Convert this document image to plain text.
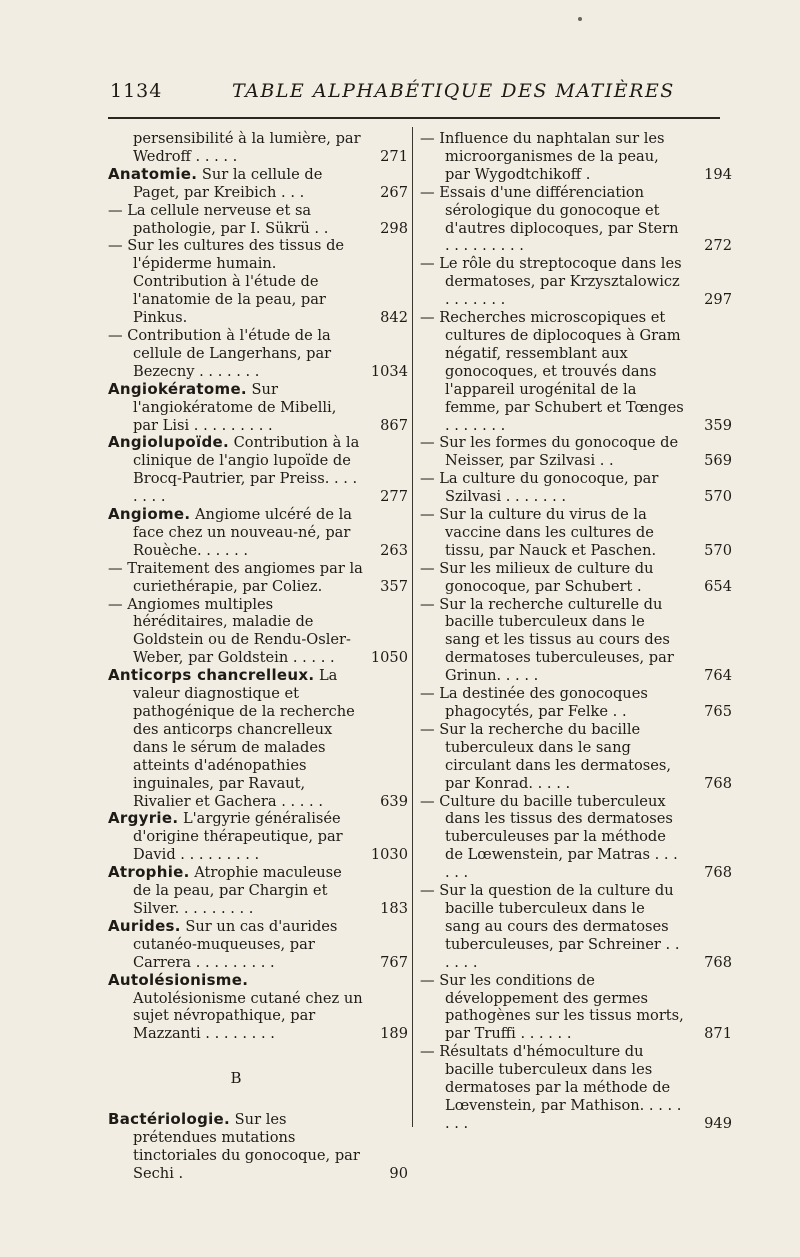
1134	TABLE ALPHABÉTIQUE DES MATIÈRES
persensibilité à la lumière, par Wedroff . . . . .	271
Anatomie. Sur la cellule de Paget, par Kreibich . . .	267
— La cellule nerveuse et sa pathologie, par I. Sükrü . .	298
— Sur les cultures des tissus de l'épiderme humain. Contribution à l'étude de l'anatomie de la peau, par Pinkus.	842
— Contribution à l'étude de la cellule de Langerhans, par Bezecny . . . . . . .	1034
Angiokératome. Sur l'angiokératome de Mibelli, par Lisi . . . . . . . . .	867
Angiolupoïde. Contribution à la clinique de l'angio lupoïde de Brocq-Pautrier, par Preiss. . . . . . . .	277
Angiome. Angiome ulcéré de la face chez un nouveau-né, par Rouèche. . . . . .	263
— Traitement des angiomes par la curiethérapie, par Coliez.	357
— Angiomes multiples héréditaires, maladie de Goldstein ou de Rendu-Osler-Weber, par Goldstein . . . . . 1050
Anticorps chancrelleux. La valeur diagnostique et pathogénique de la recherche des anticorps chancrelleux dans le sérum de malades atteints d'adénopathies inguinales, par Ravaut, Rivalier et Gachera . . . . .	639
Argyrie. L'argyrie généralisée d'origine thérapeutique, par David . . . . . . . . .	1030
Atrophie. Atrophie maculeuse de la peau, par Chargin et Silver. . . . . . . . .	183
Aurides. Sur un cas d'aurides cutanéo-muqueuses, par Carrera . . . . . . . . .	767
Autolésionisme. Autolésionisme cutané chez un sujet névropathique, par Mazzanti . . . . . . . .	189
B
Bactériologie. Sur les prétendues mutations tinctoriales du gonocoque, par Sechi .	90
— Influence du naphtalan sur les microorganismes de la peau, par Wygodtchikoff .	194
— Essais d'une différenciation sérologique du gonocoque et d'autres diplocoques, par Stern . . . . . . . . .	272
— Le rôle du streptocoque dans les dermatoses, par Krzysztalowicz . . . . . . .	297
— Recherches microscopiques et cultures de diplocoques à Gram négatif, ressemblant aux gonocoques, et trouvés dans l'appareil urogénital de la femme, par Schubert et Tœnges . . . . . . .	359
— Sur les formes du gonocoque de Neisser, par Szilvasi . .	569
— La culture du gonocoque, par Szilvasi . . . . . . .	570
— Sur la culture du virus de la vaccine dans les cultures de tissu, par Nauck et Paschen.	570
— Sur les milieux de culture du gonocoque, par Schubert .	654
— Sur la recherche culturelle du bacille tuberculeux dans le sang et les tissus au cours des dermatoses tuberculeuses, par Grinun. . . . .	764
— La destinée des gonocoques phagocytés, par Felke . .	765
— Sur la recherche du bacille tuberculeux dans le sang circulant dans les dermatoses, par Konrad. . . . .	768
— Culture du bacille tuberculeux dans les tissus des dermatoses tuberculeuses par la méthode de Lœwenstein, par Matras . . . . . .	768
— Sur la question de la culture du bacille tuberculeux dans le sang au cours des dermatoses tuberculeuses, par Schreiner . . . . . .	768
— Sur les conditions de développement des germes pathogènes sur les tissus morts, par Truffi . . . . . .	871
— Résultats d'hémoculture du bacille tuberculeux dans les dermatoses par la méthode de Lœvenstein, par Mathison. . . . . . . .	949
